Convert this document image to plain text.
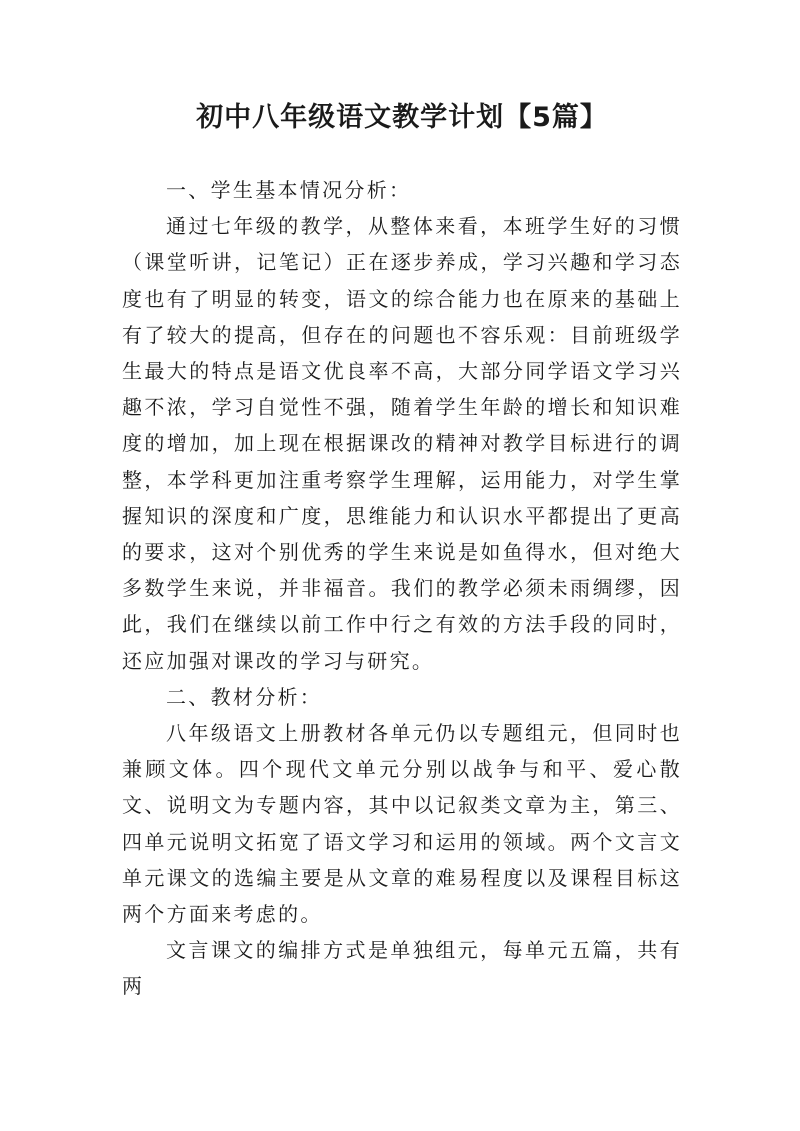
初中八年级语文教学计划【5篇】

一、学生基本情况分析：

通过七年级的教学，从整体来看，本班学生好的习惯（课堂听讲，记笔记）正在逐步养成，学习兴趣和学习态度也有了明显的转变，语文的综合能力也在原来的基础上有了较大的提高，但存在的问题也不容乐观：目前班级学生最大的特点是语文优良率不高，大部分同学语文学习兴趣不浓，学习自觉性不强，随着学生年龄的增长和知识难度的增加，加上现在根据课改的精神对教学目标进行的调整，本学科更加注重考察学生理解，运用能力，对学生掌握知识的深度和广度，思维能力和认识水平都提出了更高的要求，这对个别优秀的学生来说是如鱼得水，但对绝大多数学生来说，并非福音。我们的教学必须未雨绸缪，因此，我们在继续以前工作中行之有效的方法手段的同时，还应加强对课改的学习与研究。

二、教材分析：

八年级语文上册教材各单元仍以专题组元，但同时也兼顾文体。四个现代文单元分别以战争与和平、爱心散文、说明文为专题内容，其中以记叙类文章为主，第三、四单元说明文拓宽了语文学习和运用的领域。两个文言文单元课文的选编主要是从文章的难易程度以及课程目标这两个方面来考虑的。

文言课文的编排方式是单独组元，每单元五篇，共有两
